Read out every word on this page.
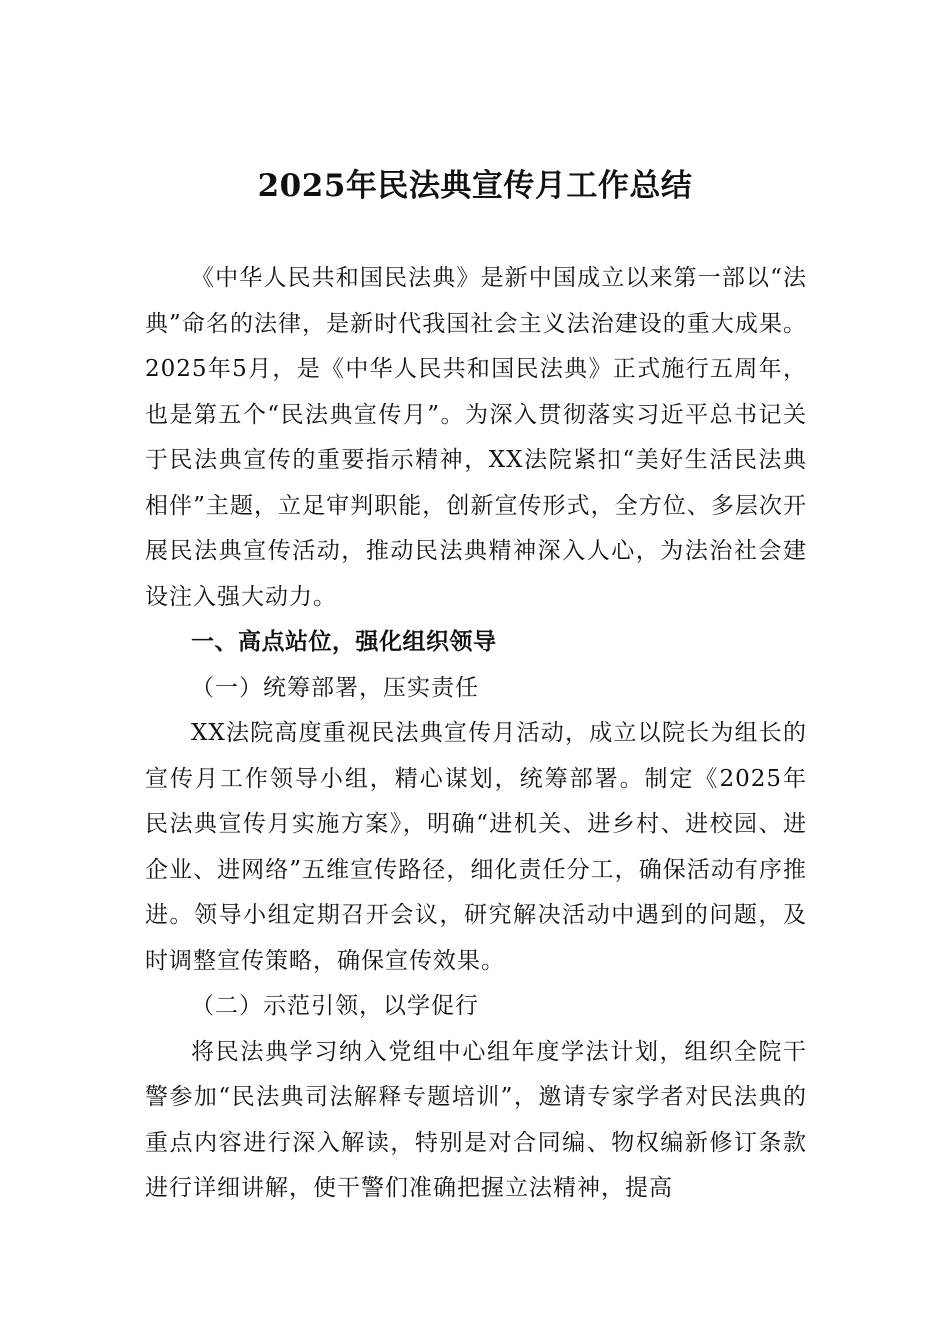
2025年民法典宣传月工作总结

《中华人民共和国民法典》是新中国成立以来第一部以“法典”命名的法律，是新时代我国社会主义法治建设的重大成果。2025年5月，是《中华人民共和国民法典》正式施行五周年，也是第五个“民法典宣传月”。为深入贯彻落实习近平总书记关于民法典宣传的重要指示精神，XX法院紧扣“美好生活民法典相伴”主题，立足审判职能，创新宣传形式，全方位、多层次开展民法典宣传活动，推动民法典精神深入人心，为法治社会建设注入强大动力。

一、高点站位，强化组织领导

（一）统筹部署，压实责任

XX法院高度重视民法典宣传月活动，成立以院长为组长的宣传月工作领导小组，精心谋划，统筹部署。制定《2025年民法典宣传月实施方案》，明确“进机关、进乡村、进校园、进企业、进网络”五维宣传路径，细化责任分工，确保活动有序推进。领导小组定期召开会议，研究解决活动中遇到的问题，及时调整宣传策略，确保宣传效果。

（二）示范引领，以学促行

将民法典学习纳入党组中心组年度学法计划，组织全院干警参加“民法典司法解释专题培训”，邀请专家学者对民法典的重点内容进行深入解读，特别是对合同编、物权编新修订条款进行详细讲解，使干警们准确把握立法精神，提高
